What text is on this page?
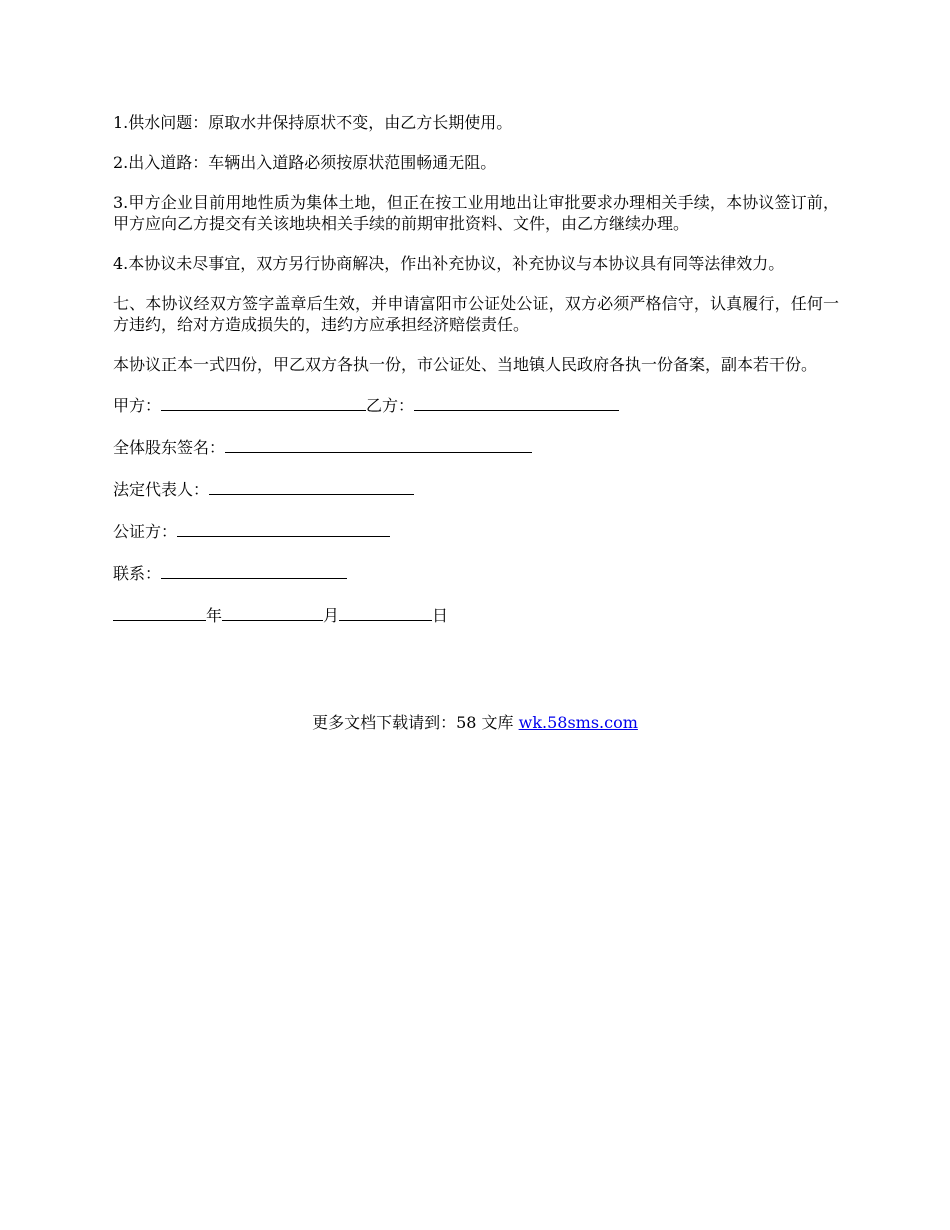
1.供水问题：原取水井保持原状不变，由乙方长期使用。

2.出入道路：车辆出入道路必须按原状范围畅通无阻。

3.甲方企业目前用地性质为集体土地，但正在按工业用地出让审批要求办理相关手续，本协议签订前，甲方应向乙方提交有关该地块相关手续的前期审批资料、文件，由乙方继续办理。

4.本协议未尽事宜，双方另行协商解决，作出补充协议，补充协议与本协议具有同等法律效力。

七、本协议经双方签字盖章后生效，并申请富阳市公证处公证，双方必须严格信守，认真履行，任何一方违约，给对方造成损失的，违约方应承担经济赔偿责任。

本协议正本一式四份，甲乙双方各执一份，市公证处、当地镇人民政府各执一份备案，副本若干份。

甲方：	乙方：
全体股东签名：
法定代表人：
公证方：
联系：
年	月	日
更多文档下载请到：58 文库 wk.58sms.com
